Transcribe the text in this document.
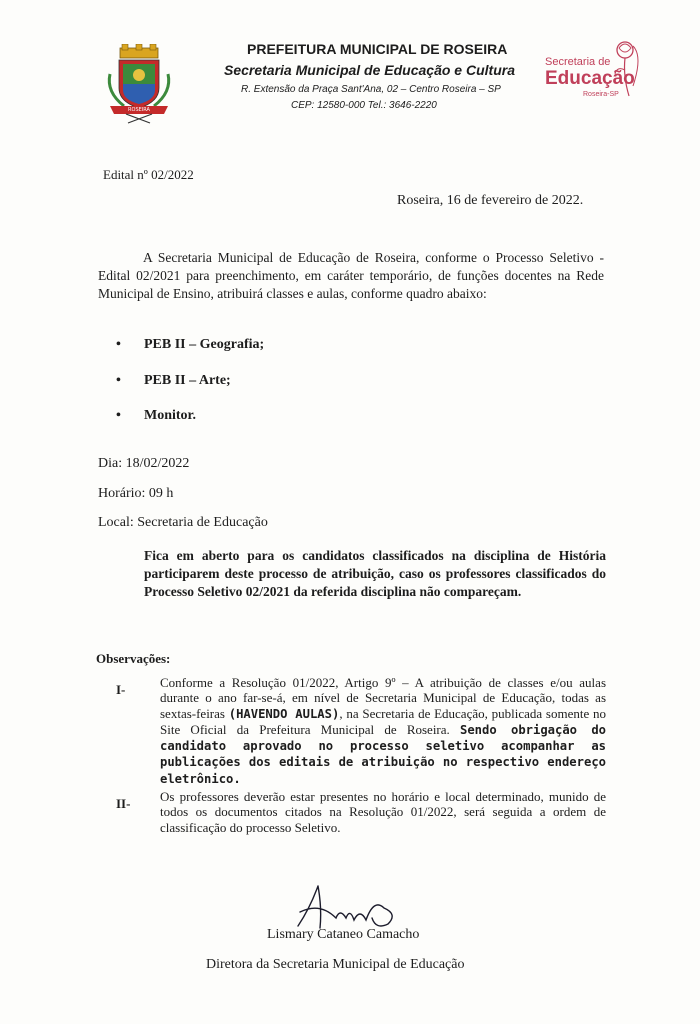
ROSEIRA
PREFEITURA MUNICIPAL DE ROSEIRA
Secretaria Municipal de Educação e Cultura
R. Extensão da Praça Sant'Ana, 02 – Centro Roseira – SP
CEP: 12580-000 Tel.: 3646-2220
Secretaria de
Educação
Roseira-SP
Edital nº 02/2022
Roseira, 16 de fevereiro de 2022.

A Secretaria Municipal de Educação de Roseira, conforme o Processo Seletivo - Edital 02/2021 para preenchimento, em caráter temporário, de funções docentes na Rede Municipal de Ensino, atribuirá classes e aulas, conforme quadro abaixo:

• PEB II – Geografia;
• PEB II – Arte;
• Monitor.
Dia: 18/02/2022
Horário: 09 h
Local: Secretaria de Educação
Fica em aberto para os candidatos classificados na disciplina de História participarem deste processo de atribuição, caso os professores classificados do Processo Seletivo 02/2021 da referida disciplina não compareçam.
Observações:
I-	Conforme a Resolução 01/2022, Artigo 9º – A atribuição de classes e/ou aulas durante o ano far-se-á, em nível de Secretaria Municipal de Educação, todas as sextas-feiras (HAVENDO AULAS), na Secretaria de Educação, publicada somente no Site Oficial da Prefeitura Municipal de Roseira. Sendo obrigação do candidato aprovado no processo seletivo acompanhar as publicações dos editais de atribuição no respectivo endereço eletrônico.
II- Os professores deverão estar presentes no horário e local determinado, munido de todos os documentos citados na Resolução 01/2022, será seguida a ordem de classificação do processo Seletivo.
Lismary Cataneo Camacho
Diretora da Secretaria Municipal de Educação
